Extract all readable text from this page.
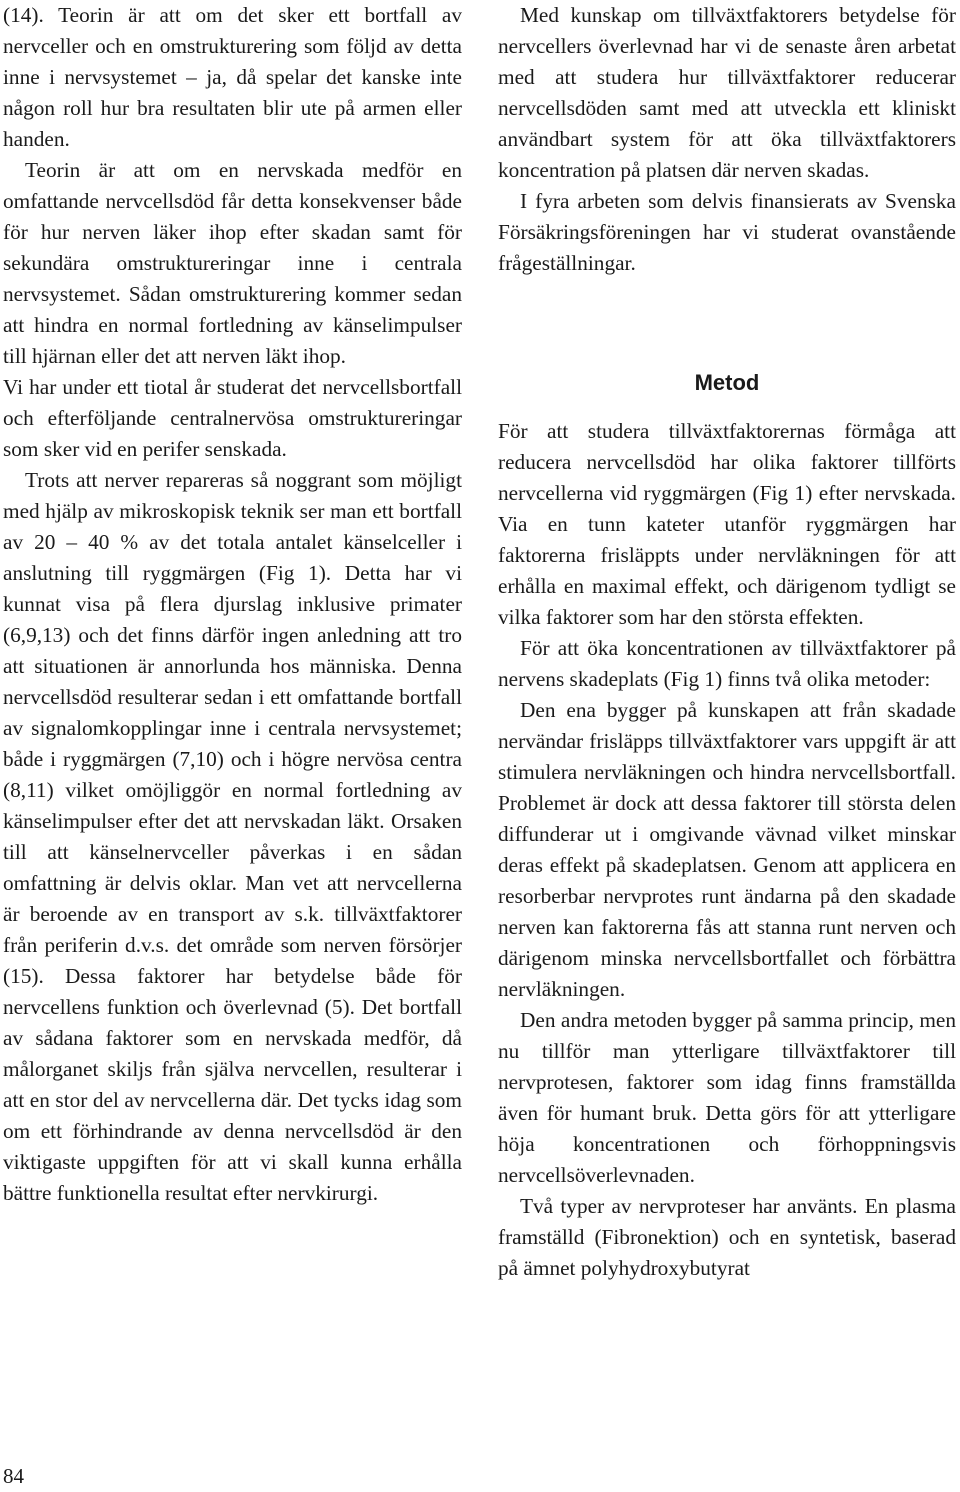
(14). Teorin är att om det sker ett bortfall av nervceller och en omstrukturering som följd av detta inne i nervsystemet – ja, då spelar det kanske inte någon roll hur bra resultaten blir ute på armen eller handen.

Teorin är att om en nervskada medför en omfattande nervcellsdöd får detta konsekvenser både för hur nerven läker ihop efter skadan samt för sekundära omstruktureringar inne i centrala nervsystemet. Sådan omstrukturering kommer sedan att hindra en normal fortledning av känselimpulser till hjärnan eller det att nerven läkt ihop.

Vi har under ett tiotal år studerat det nervcellsbortfall och efterföljande centralnervösa omstruktureringar som sker vid en perifer senskada.

Trots att nerver repareras så noggrant som möjligt med hjälp av mikroskopisk teknik ser man ett bortfall av 20 – 40 % av det totala antalet känselceller i anslutning till ryggmärgen (Fig 1). Detta har vi kunnat visa på flera djurslag inklusive primater (6,9,13) och det finns därför ingen anledning att tro att situationen är annorlunda hos människa. Denna nervcellsdöd resulterar sedan i ett omfattande bortfall av signalomkopplingar inne i centrala nervsystemet; både i ryggmärgen (7,10) och i högre nervösa centra (8,11) vilket omöjliggör en normal fortledning av känselimpulser efter det att nervskadan läkt. Orsaken till att känselnervceller påverkas i en sådan omfattning är delvis oklar. Man vet att nervcellerna är beroende av en transport av s.k. tillväxtfaktorer från periferin d.v.s. det område som nerven försörjer (15). Dessa faktorer har betydelse både för nervcellens funktion och överlevnad (5). Det bortfall av sådana faktorer som en nervskada medför, då målorganet skiljs från själva nervcellen, resulterar i att en stor del av nervcellerna där. Det tycks idag som om ett förhindrande av denna nervcellsdöd är den viktigaste uppgiften för att vi skall kunna erhålla bättre funktionella resultat efter nervkirurgi.

Med kunskap om tillväxtfaktorers betydelse för nervcellers överlevnad har vi de senaste åren arbetat med att studera hur tillväxtfaktorer reducerar nervcellsdöden samt med att utveckla ett kliniskt användbart system för att öka tillväxtfaktorers koncentration på platsen där nerven skadas.

I fyra arbeten som delvis finansierats av Svenska Försäkringsföreningen har vi studerat ovanstående frågeställningar.

Metod

För att studera tillväxtfaktorernas förmåga att reducera nervcellsdöd har olika faktorer tillförts nervcellerna vid ryggmärgen (Fig 1) efter nervskada. Via en tunn kateter utanför ryggmärgen har faktorerna frisläppts under nervläkningen för att erhålla en maximal effekt, och därigenom tydligt se vilka faktorer som har den största effekten.

För att öka koncentrationen av tillväxtfaktorer på nervens skadeplats (Fig 1) finns två olika metoder:

Den ena bygger på kunskapen att från skadade nervändar frisläpps tillväxtfaktorer vars uppgift är att stimulera nervläkningen och hindra nervcellsbortfall. Problemet är dock att dessa faktorer till största delen diffunderar ut i omgivande vävnad vilket minskar deras effekt på skadeplatsen. Genom att applicera en resorberbar nervprotes runt ändarna på den skadade nerven kan faktorerna fås att stanna runt nerven och därigenom minska nervcellsbortfallet och förbättra nervläkningen.

Den andra metoden bygger på samma princip, men nu tillför man ytterligare tillväxtfaktorer till nervprotesen, faktorer som idag finns framställda även för humant bruk. Detta görs för att ytterligare höja koncentrationen och förhoppningsvis nervcellsöverlevnaden.

Två typer av nervproteser har använts. En plasma framställd (Fibronektion) och en syntetisk, baserad på ämnet polyhydroxybutyrat

84
